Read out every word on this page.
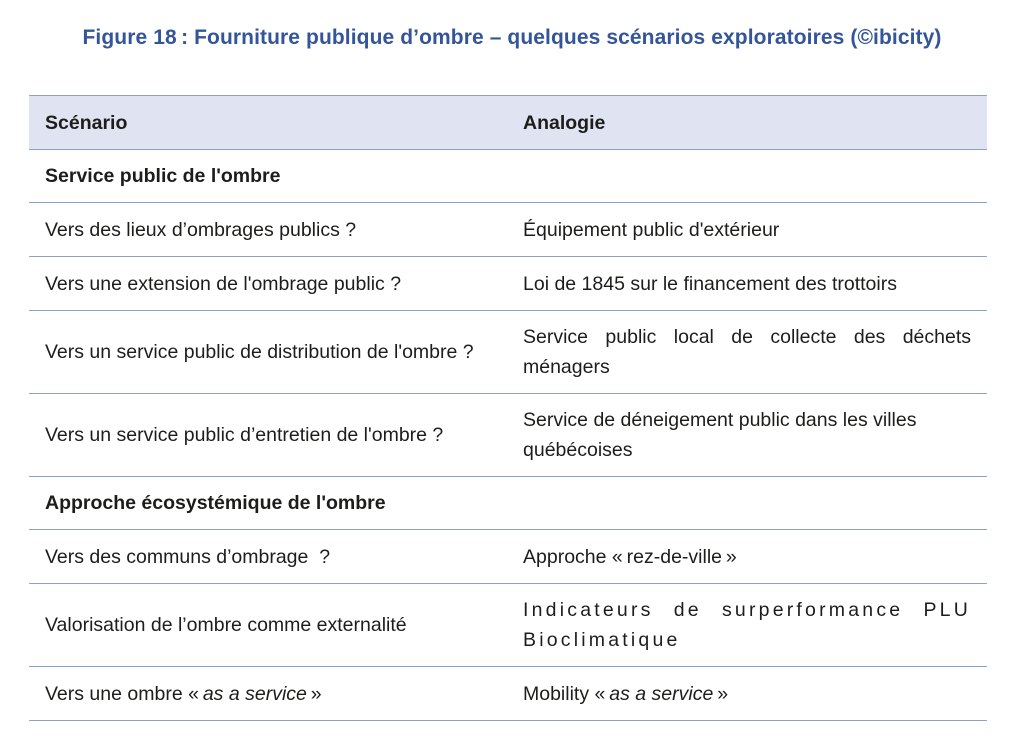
Figure 18 : Fourniture publique d’ombre – quelques scénarios exploratoires (©ibicity)
Scénario	Analogie
Service public de l'ombre	
Vers des lieux d’ombrages publics ?	Équipement public d'extérieur
Vers une extension de l'ombrage public ?	Loi de 1845 sur le financement des trottoirs
Vers un service public de distribution de l'ombre ?	Service public local de collecte des déchets ménagers
Vers un service public d’entretien de l'ombre ?	Service de déneigement public dans les villes québécoises
Approche écosystémique de l'ombre	
Vers des communs d’ombrage  ?	Approche « rez-de-ville »
Valorisation de l’ombre comme externalité	Indicateurs de surperformance PLU Bioclimatique
Vers une ombre « as a service »	Mobility « as a service »
